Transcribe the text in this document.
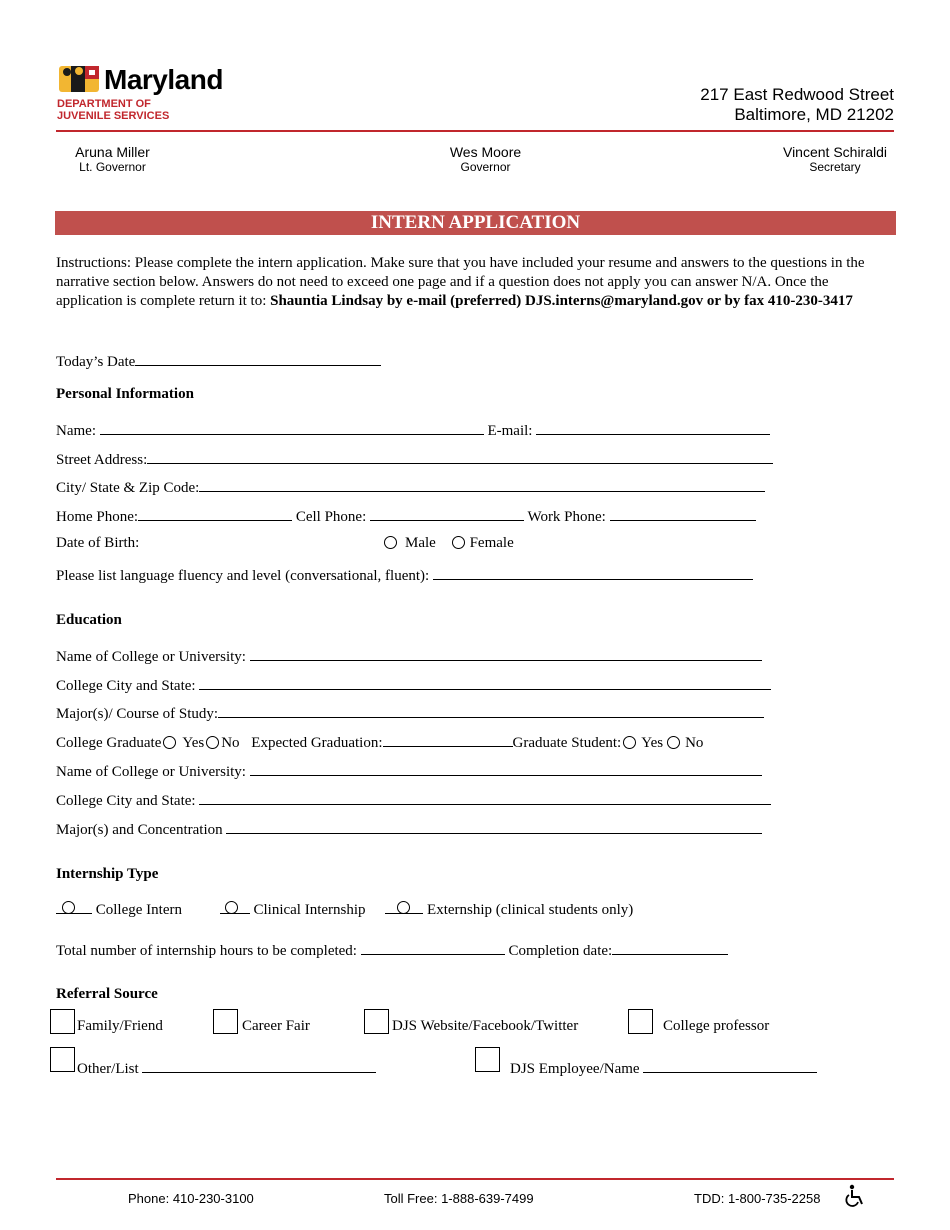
Maryland
DEPARTMENT OF
JUVENILE SERVICES
217 East Redwood Street
Baltimore, MD 21202
Aruna Miller
Lt. Governor
Wes Moore
Governor
Vincent Schiraldi
Secretary
INTERN APPLICATION
Instructions: Please complete the intern application. Make sure that you have included your resume and answers to the questions in the narrative section below. Answers do not need to exceed one page and if a question does not apply you can answer N/A. Once the application is complete return it to: Shauntia Lindsay by e-mail (preferred) DJS.interns@maryland.gov or by fax 410-230-3417
Today’s Date
Personal Information
Name:	E-mail:
Street Address:
City/ State & Zip Code:
Home Phone:	Cell Phone:	Work Phone:
Date of Birth:	Male Female
Please list language fluency and level (conversational, fluent):
Education
Name of College or University:
College City and State:
Major(s)/ Course of Study:
College Graduate Yes No Expected Graduation:	Graduate Student: Yes No
Name of College or University:
College City and State:
Major(s) and Concentration
Internship Type
College Intern	Clinical Internship	Externship (clinical students only)
Total number of internship hours to be completed:	Completion date:
Referral Source
Family/Friend	Career Fair	DJS Website/Facebook/Twitter	College professor
Other/List	DJS Employee/Name
Phone: 410-230-3100	Toll Free: 1-888-639-7499	TDD: 1-800-735-2258
